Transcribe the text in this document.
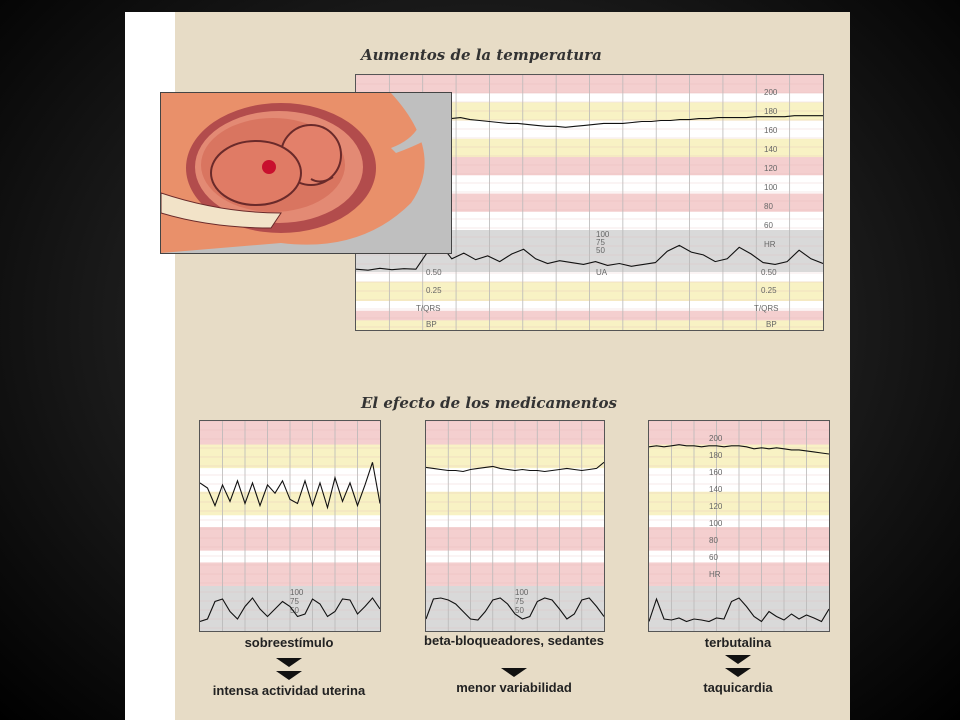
Aumentos de la temperatura
200
180
160
140
120
100
80
60
HR
100
75
50
UA
0.50
0.25
T/QRS
BP
0.50
0.25
T/QRS
BP
El efecto de los medicamentos
100
75
50
100
75
50
200
180
160
140
120
100
80
60
HR
sobreestímulo
intensa actividad uterina
beta-bloqueadores, sedantes
menor variabilidad
terbutalina
taquicardia
